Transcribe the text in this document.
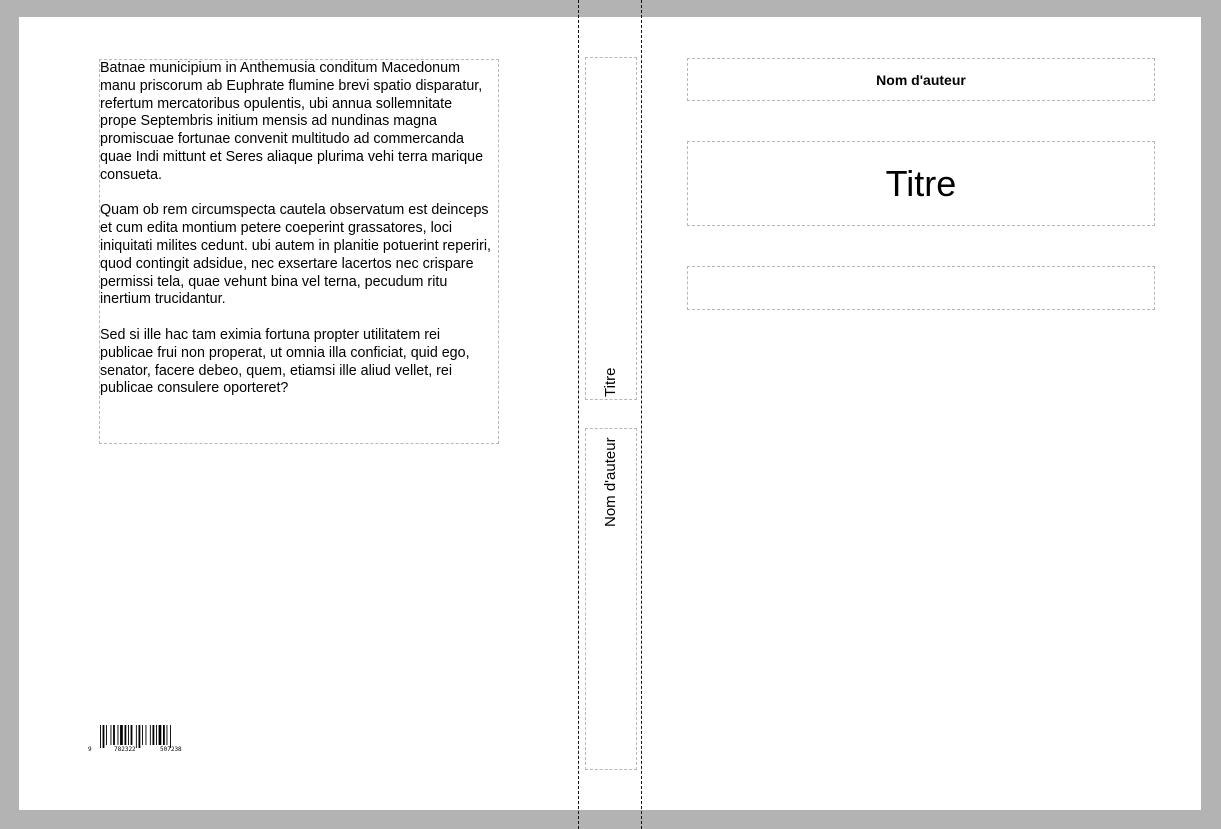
Batnae municipium in Anthemusia conditum Macedonum manu priscorum ab Euphrate flumine brevi spatio disparatur, refertum mercatoribus opulentis, ubi annua sollemnitate prope Septembris initium mensis ad nundinas magna promiscuae fortunae convenit multitudo ad commercanda quae Indi mittunt et Seres aliaque plurima vehi terra marique consueta.

Quam ob rem circumspecta cautela observatum est deinceps et cum edita montium petere coeperint grassatores, loci iniquitati milites cedunt. ubi autem in planitie potuerint reperiri, quod contingit adsidue, nec exsertare lacertos nec crispare permissi tela, quae vehunt bina vel terna, pecudum ritu inertium trucidantur.

Sed si ille hac tam eximia fortuna propter utilitatem rei publicae frui non properat, ut omnia illa conficiat, quid ego, senator, facere debeo, quem, etiamsi ille aliud vellet, rei publicae consulere oporteret?

9	782322	507238
Titre
Nom d'auteur
Nom d'auteur
Titre
